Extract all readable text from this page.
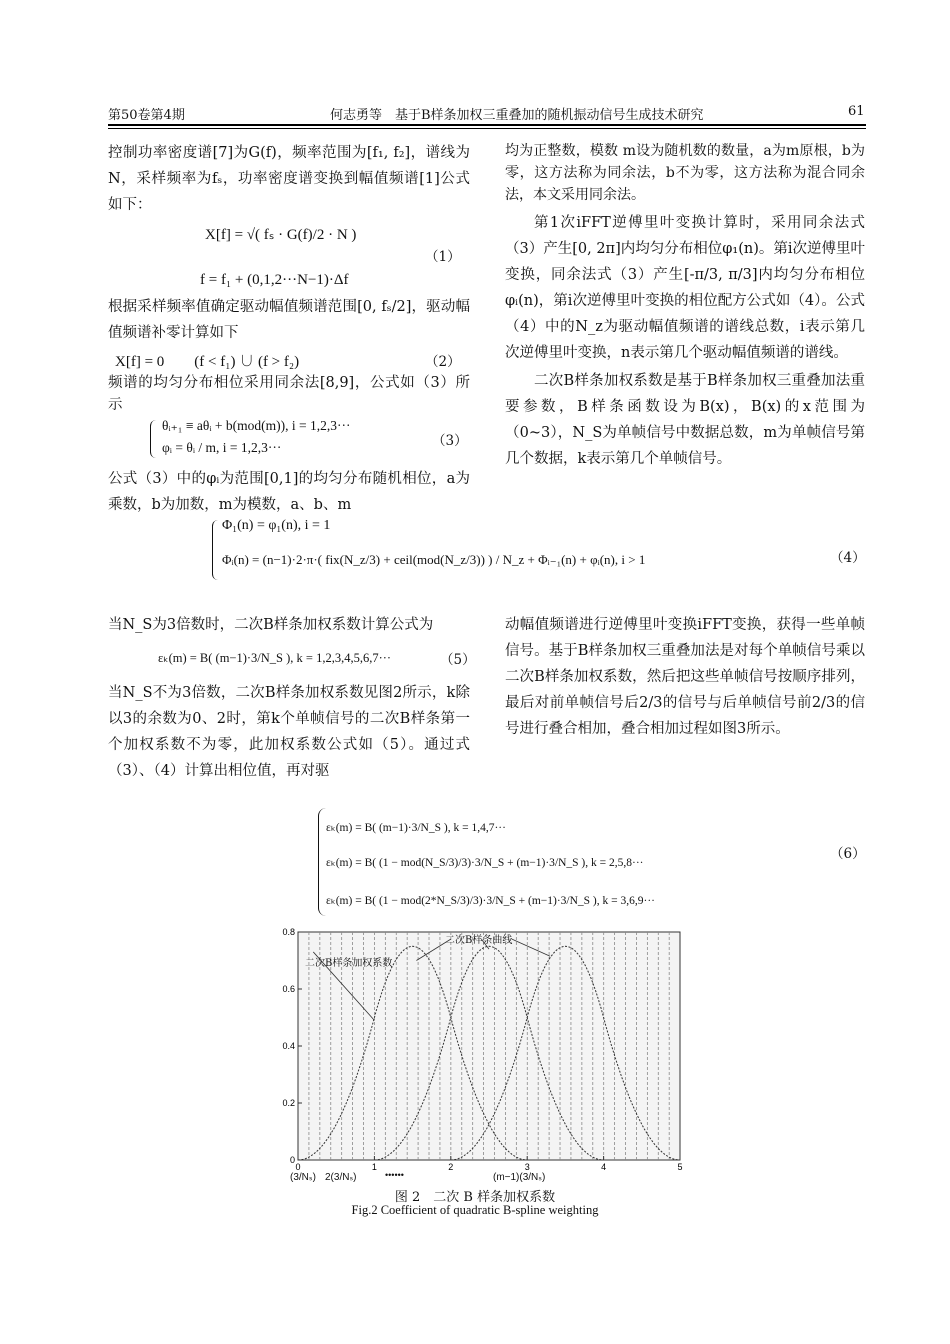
第50卷第4期	何志勇等　基于B样条加权三重叠加的随机振动信号生成技术研究	61

控制功率密度谱[7]为G(f)，频率范围为[f₁, f₂]，谱线为N，采样频率为fₛ，功率密度谱变换到幅值频谱[1]公式如下：

X[f] = √( fₛ · G(f)/2 · N )
（1）
f = f₁ + (0,1,2···N−1)·Δf

根据采样频率值确定驱动幅值频谱范围[0, fₛ/2]，驱动幅值频谱补零计算如下

X[f] = 0　　(f < f₁) ∪ (f > f₂)	（2）

频谱的均匀分布相位采用同余法[8,9]，公式如（3）所示

θᵢ₊₁ ≡ aθᵢ + b(mod(m)), i = 1,2,3···
φᵢ = θᵢ / m, i = 1,2,3···	（3）

公式（3）中的φᵢ为范围[0,1]的均匀分布随机相位，a为乘数，b为加数，m为模数，a、b、m

均为正整数，模数 m设为随机数的数量，a为m原根，b为零，这方法称为同余法，b不为零，这方法称为混合同余法，本文采用同余法。

第1次iFFT逆傅里叶变换计算时，采用同余法式（3）产生[0, 2π]内均匀分布相位φ₁(n)。第i次逆傅里叶变换，同余法式（3）产生[-π/3, π/3]内均匀分布相位φᵢ(n)，第i次逆傅里叶变换的相位配方公式如（4）。公式（4）中的N_z为驱动幅值频谱的谱线总数，i表示第几次逆傅里叶变换，n表示第几个驱动幅值频谱的谱线。

二次B样条加权系数是基于B样条加权三重叠加法重要参数，B样条函数设为B(x)，B(x)的x范围为（0~3），N_S为单帧信号中数据总数，m为单帧信号第几个数据，k表示第几个单帧信号。

Φ₁(n) = φ₁(n), i = 1
Φᵢ(n) = (n−1)·2·π·( fix(N_z/3) + ceil(mod(N_z/3)) ) / N_z + Φᵢ₋₁(n) + φᵢ(n), i > 1	（4）

当N_S为3倍数时，二次B样条加权系数计算公式为

εₖ(m) = B( (m−1)·3/N_S ), k = 1,2,3,4,5,6,7···	（5）

当N_S不为3倍数，二次B样条加权系数见图2所示，k除以3的余数为0、2时，第k个单帧信号的二次B样条第一个加权系数不为零，此加权系数公式如（5）。通过式（3）、（4）计算出相位值，再对驱

动幅值频谱进行逆傅里叶变换iFFT变换，获得一些单帧信号。基于B样条加权三重叠加法是对每个单帧信号乘以二次B样条加权系数，然后把这些单帧信号按顺序排列，最后对前单帧信号后2/3的信号与后单帧信号前2/3的信号进行叠合相加，叠合相加过程如图3所示。

εₖ(m) = B( (m−1)·3/N_S ), k = 1,4,7···
εₖ(m) = B( (1 − mod(N_S/3)/3)·3/N_S + (m−1)·3/N_S ), k = 2,5,8···
εₖ(m) = B( (1 − mod(2*N_S/3)/3)·3/N_S + (m−1)·3/N_S ), k = 3,6,9···
（6）
0	1	2	3	4	5
0
0.2
0.4
0.6
0.8
(3/Nₛ) 2(3/Nₛ)	••••••	(m−1)(3/Nₛ)
二次B样条加权系数
二次B样条曲线
图 2　二次 B 样条加权系数
Fig.2 Coefficient of quadratic B-spline weighting
